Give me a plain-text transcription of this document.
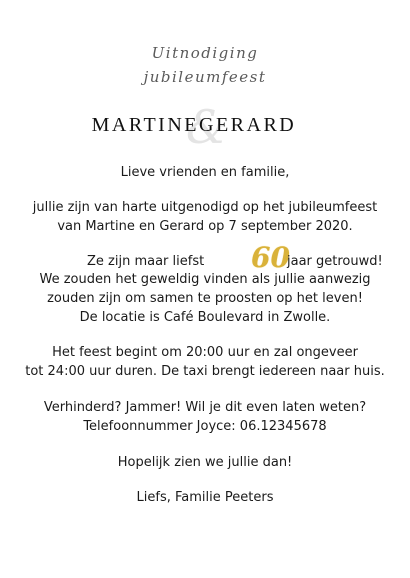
Uitnodiging
jubileumfeest
&
MARTINE GERARD
Lieve vrienden en familie,
jullie zijn van harte uitgenodigd op het jubileumfeest
van Martine en Gerard op 7 september 2020.
Ze zijn maar liefst 60
jaar getrouwd!
We zouden het geweldig vinden als jullie aanwezig
zouden zijn om samen te proosten op het leven!
De locatie is Café Boulevard in Zwolle.
Het feest begint om 20:00 uur en zal ongeveer
tot 24:00 uur duren. De taxi brengt iedereen naar huis.
Verhinderd? Jammer! Wil je dit even laten weten?
Telefoonnummer Joyce: 06.12345678
Hopelijk zien we jullie dan!
Liefs, Familie Peeters
